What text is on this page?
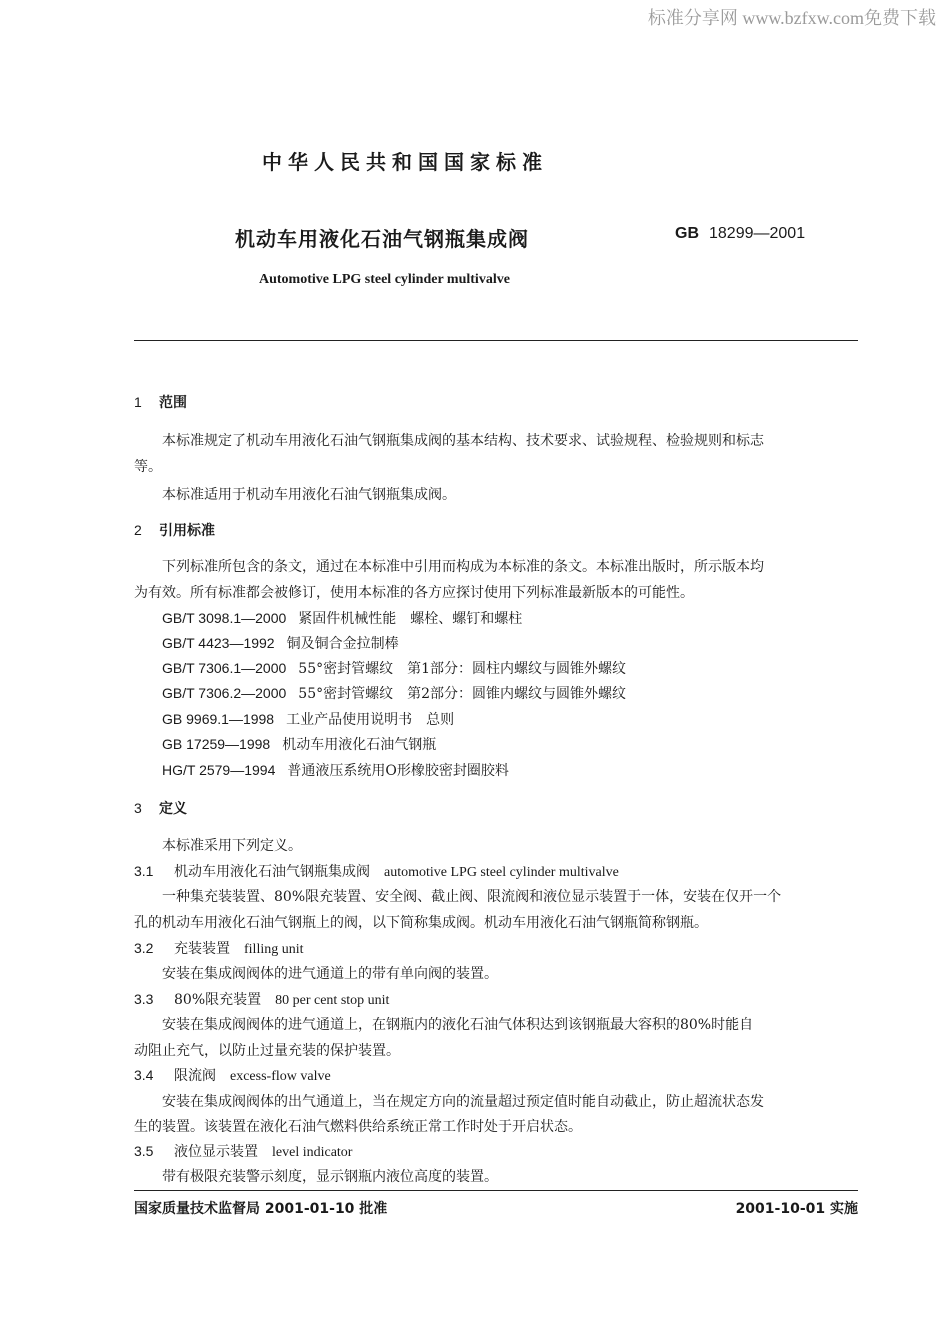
标准分享网 www.bzfxw.com免费下载
中华人民共和国国家标准
机动车用液化石油气钢瓶集成阀	GB 18299—2001
Automotive LPG steel cylinder multivalve
1 范围
本标准规定了机动车用液化石油气钢瓶集成阀的基本结构、技术要求、试验规程、检验规则和标志
等。
本标准适用于机动车用液化石油气钢瓶集成阀。
2 引用标准
下列标准所包含的条文，通过在本标准中引用而构成为本标准的条文。本标准出版时，所示版本均
为有效。所有标准都会被修订，使用本标准的各方应探讨使用下列标准最新版本的可能性。
GB/T 3098.1—2000 紧固件机械性能　螺栓、螺钉和螺柱
GB/T 4423—1992 铜及铜合金拉制棒
GB/T 7306.1—2000 55°密封管螺纹　第1部分：圆柱内螺纹与圆锥外螺纹
GB/T 7306.2—2000 55°密封管螺纹　第2部分：圆锥内螺纹与圆锥外螺纹
GB 9969.1—1998 工业产品使用说明书　总则
GB 17259—1998 机动车用液化石油气钢瓶
HG/T 2579—1994 普通液压系统用O形橡胶密封圈胶料
3 定义
本标准采用下列定义。
3.1 机动车用液化石油气钢瓶集成阀 automotive LPG steel cylinder multivalve
一种集充装装置、80%限充装置、安全阀、截止阀、限流阀和液位显示装置于一体，安装在仅开一个
孔的机动车用液化石油气钢瓶上的阀，以下简称集成阀。机动车用液化石油气钢瓶简称钢瓶。
3.2 充装装置 filling unit
安装在集成阀阀体的进气通道上的带有单向阀的装置。
3.3 80%限充装置 80 per cent stop unit
安装在集成阀阀体的进气通道上，在钢瓶内的液化石油气体积达到该钢瓶最大容积的80%时能自
动阻止充气，以防止过量充装的保护装置。
3.4 限流阀 excess-flow valve
安装在集成阀阀体的出气通道上，当在规定方向的流量超过预定值时能自动截止，防止超流状态发
生的装置。该装置在液化石油气燃料供给系统正常工作时处于开启状态。
3.5 液位显示装置 level indicator
带有极限充装警示刻度，显示钢瓶内液位高度的装置。
国家质量技术监督局 2001-01-10 批准	2001-10-01 实施
